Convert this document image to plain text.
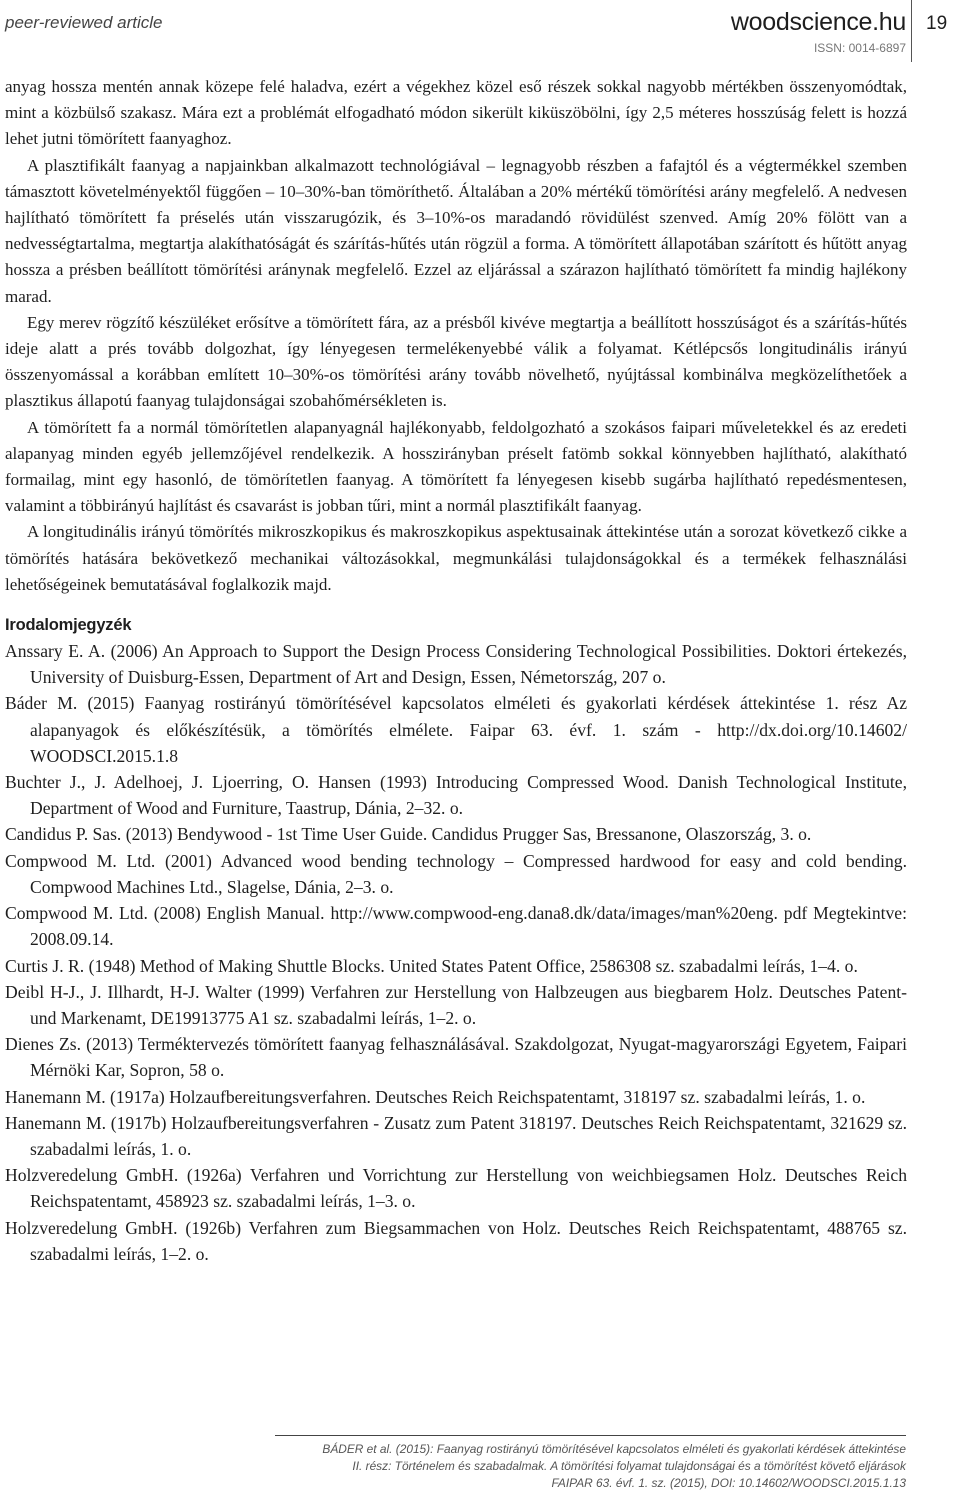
peer-reviewed article	woodscience.hu
ISSN: 0014-6897
19

anyag hossza mentén annak közepe felé haladva, ezért a végekhez közel eső részek sokkal nagyobb mértékben összenyomódtak, mint a közbülső szakasz. Mára ezt a problémát elfogadható módon sikerült kiküszöbölni, így 2,5 méteres hosszúság felett is hozzá lehet jutni tömörített faanyaghoz.

A plasztifikált faanyag a napjainkban alkalmazott technológiával – legnagyobb részben a fafajtól és a végtermékkel szemben támasztott követelményektől függően – 10–30%-ban tömöríthető. Általában a 20% mértékű tömörítési arány megfelelő. A nedvesen hajlítható tömörített fa préselés után visszarugózik, és 3–10%-os maradandó rövidülést szenved. Amíg 20% fölött van a nedvességtartalma, megtartja alakíthatóságát és szárítás-hűtés után rögzül a forma. A tömörített állapotában szárított és hűtött anyag hossza a présben beállított tömörítési aránynak megfelelő. Ezzel az eljárással a szárazon hajlítható tömörített fa mindig hajlékony marad.

Egy merev rögzítő készüléket erősítve a tömörített fára, az a présből kivéve megtartja a beállított hosszúságot és a szárítás-hűtés ideje alatt a prés tovább dolgozhat, így lényegesen termelékenyebbé válik a folyamat. Kétlépcsős longitudinális irányú összenyomással a korábban említett 10–30%-os tömörítési arány tovább növelhető, nyújtással kombinálva megközelíthetőek a plasztikus állapotú faanyag tulajdonságai szobahőmérsékleten is.

A tömörített fa a normál tömörítetlen alapanyagnál hajlékonyabb, feldolgozható a szokásos faipari műveletekkel és az eredeti alapanyag minden egyéb jellemzőjével rendelkezik. A hosszirányban préselt fatömb sokkal könnyebben hajlítható, alakítható formailag, mint egy hasonló, de tömörítetlen faanyag. A tömörített fa lényegesen kisebb sugárba hajlítható repedésmentesen, valamint a többirányú hajlítást és csavarást is jobban tűri, mint a normál plasztifikált faanyag.

A longitudinális irányú tömörítés mikroszkopikus és makroszkopikus aspektusainak áttekintése után a sorozat következő cikke a tömörítés hatására bekövetkező mechanikai változásokkal, megmunkálási tulajdonságokkal és a termékek felhasználási lehetőségeinek bemutatásával foglalkozik majd.

Irodalomjegyzék

Anssary E. A. (2006) An Approach to Support the Design Process Considering Technological Possibilities. Doktori értekezés, University of Duisburg-Essen, Department of Art and Design, Essen, Németország, 207 o.

Báder M. (2015) Faanyag rostirányú tömörítésével kapcsolatos elméleti és gyakorlati kérdések áttekintése 1. rész Az alapanyagok és előkészítésük, a tömörítés elmélete. Faipar 63. évf. 1. szám - http://dx.doi.org/10.14602/ WOODSCI.2015.1.8

Buchter J., J. Adelhoej, J. Ljoerring, O. Hansen (1993) Introducing Compressed Wood. Danish Technological Institute, Department of Wood and Furniture, Taastrup, Dánia, 2–32. o.

Candidus P. Sas. (2013) Bendywood - 1st Time User Guide. Candidus Prugger Sas, Bressanone, Olaszország, 3. o.

Compwood M. Ltd. (2001) Advanced wood bending technology – Compressed hardwood for easy and cold bending. Compwood Machines Ltd., Slagelse, Dánia, 2–3. o.

Compwood M. Ltd. (2008) English Manual. http://www.compwood-eng.dana8.dk/data/images/man%20eng. pdf Megtekintve: 2008.09.14.

Curtis J. R. (1948) Method of Making Shuttle Blocks. United States Patent Office, 2586308 sz. szabadalmi leírás, 1–4. o.

Deibl H-J., J. Illhardt, H-J. Walter (1999) Verfahren zur Herstellung von Halbzeugen aus biegbarem Holz. Deutsches Patent- und Markenamt, DE19913775 A1 sz. szabadalmi leírás, 1–2. o.

Dienes Zs. (2013) Terméktervezés tömörített faanyag felhasználásával. Szakdolgozat, Nyugat-magyarországi Egyetem, Faipari Mérnöki Kar, Sopron, 58 o.

Hanemann M. (1917a) Holzaufbereitungsverfahren. Deutsches Reich Reichspatentamt, 318197 sz. szabadalmi leírás, 1. o.

Hanemann M. (1917b) Holzaufbereitungsverfahren - Zusatz zum Patent 318197. Deutsches Reich Reichspatentamt, 321629 sz. szabadalmi leírás, 1. o.

Holzveredelung GmbH. (1926a) Verfahren und Vorrichtung zur Herstellung von weichbiegsamen Holz. Deutsches Reich Reichspatentamt, 458923 sz. szabadalmi leírás, 1–3. o.

Holzveredelung GmbH. (1926b) Verfahren zum Biegsammachen von Holz. Deutsches Reich Reichspatentamt, 488765 sz. szabadalmi leírás, 1–2. o.

BÁDER et al. (2015): Faanyag rostirányú tömörítésével kapcsolatos elméleti és gyakorlati kérdések áttekintése
II. rész: Történelem és szabadalmak. A tömörítési folyamat tulajdonságai és a tömörítést követő eljárások
FAIPAR 63. évf. 1. sz. (2015), DOI: 10.14602/WOODSCI.2015.1.13
